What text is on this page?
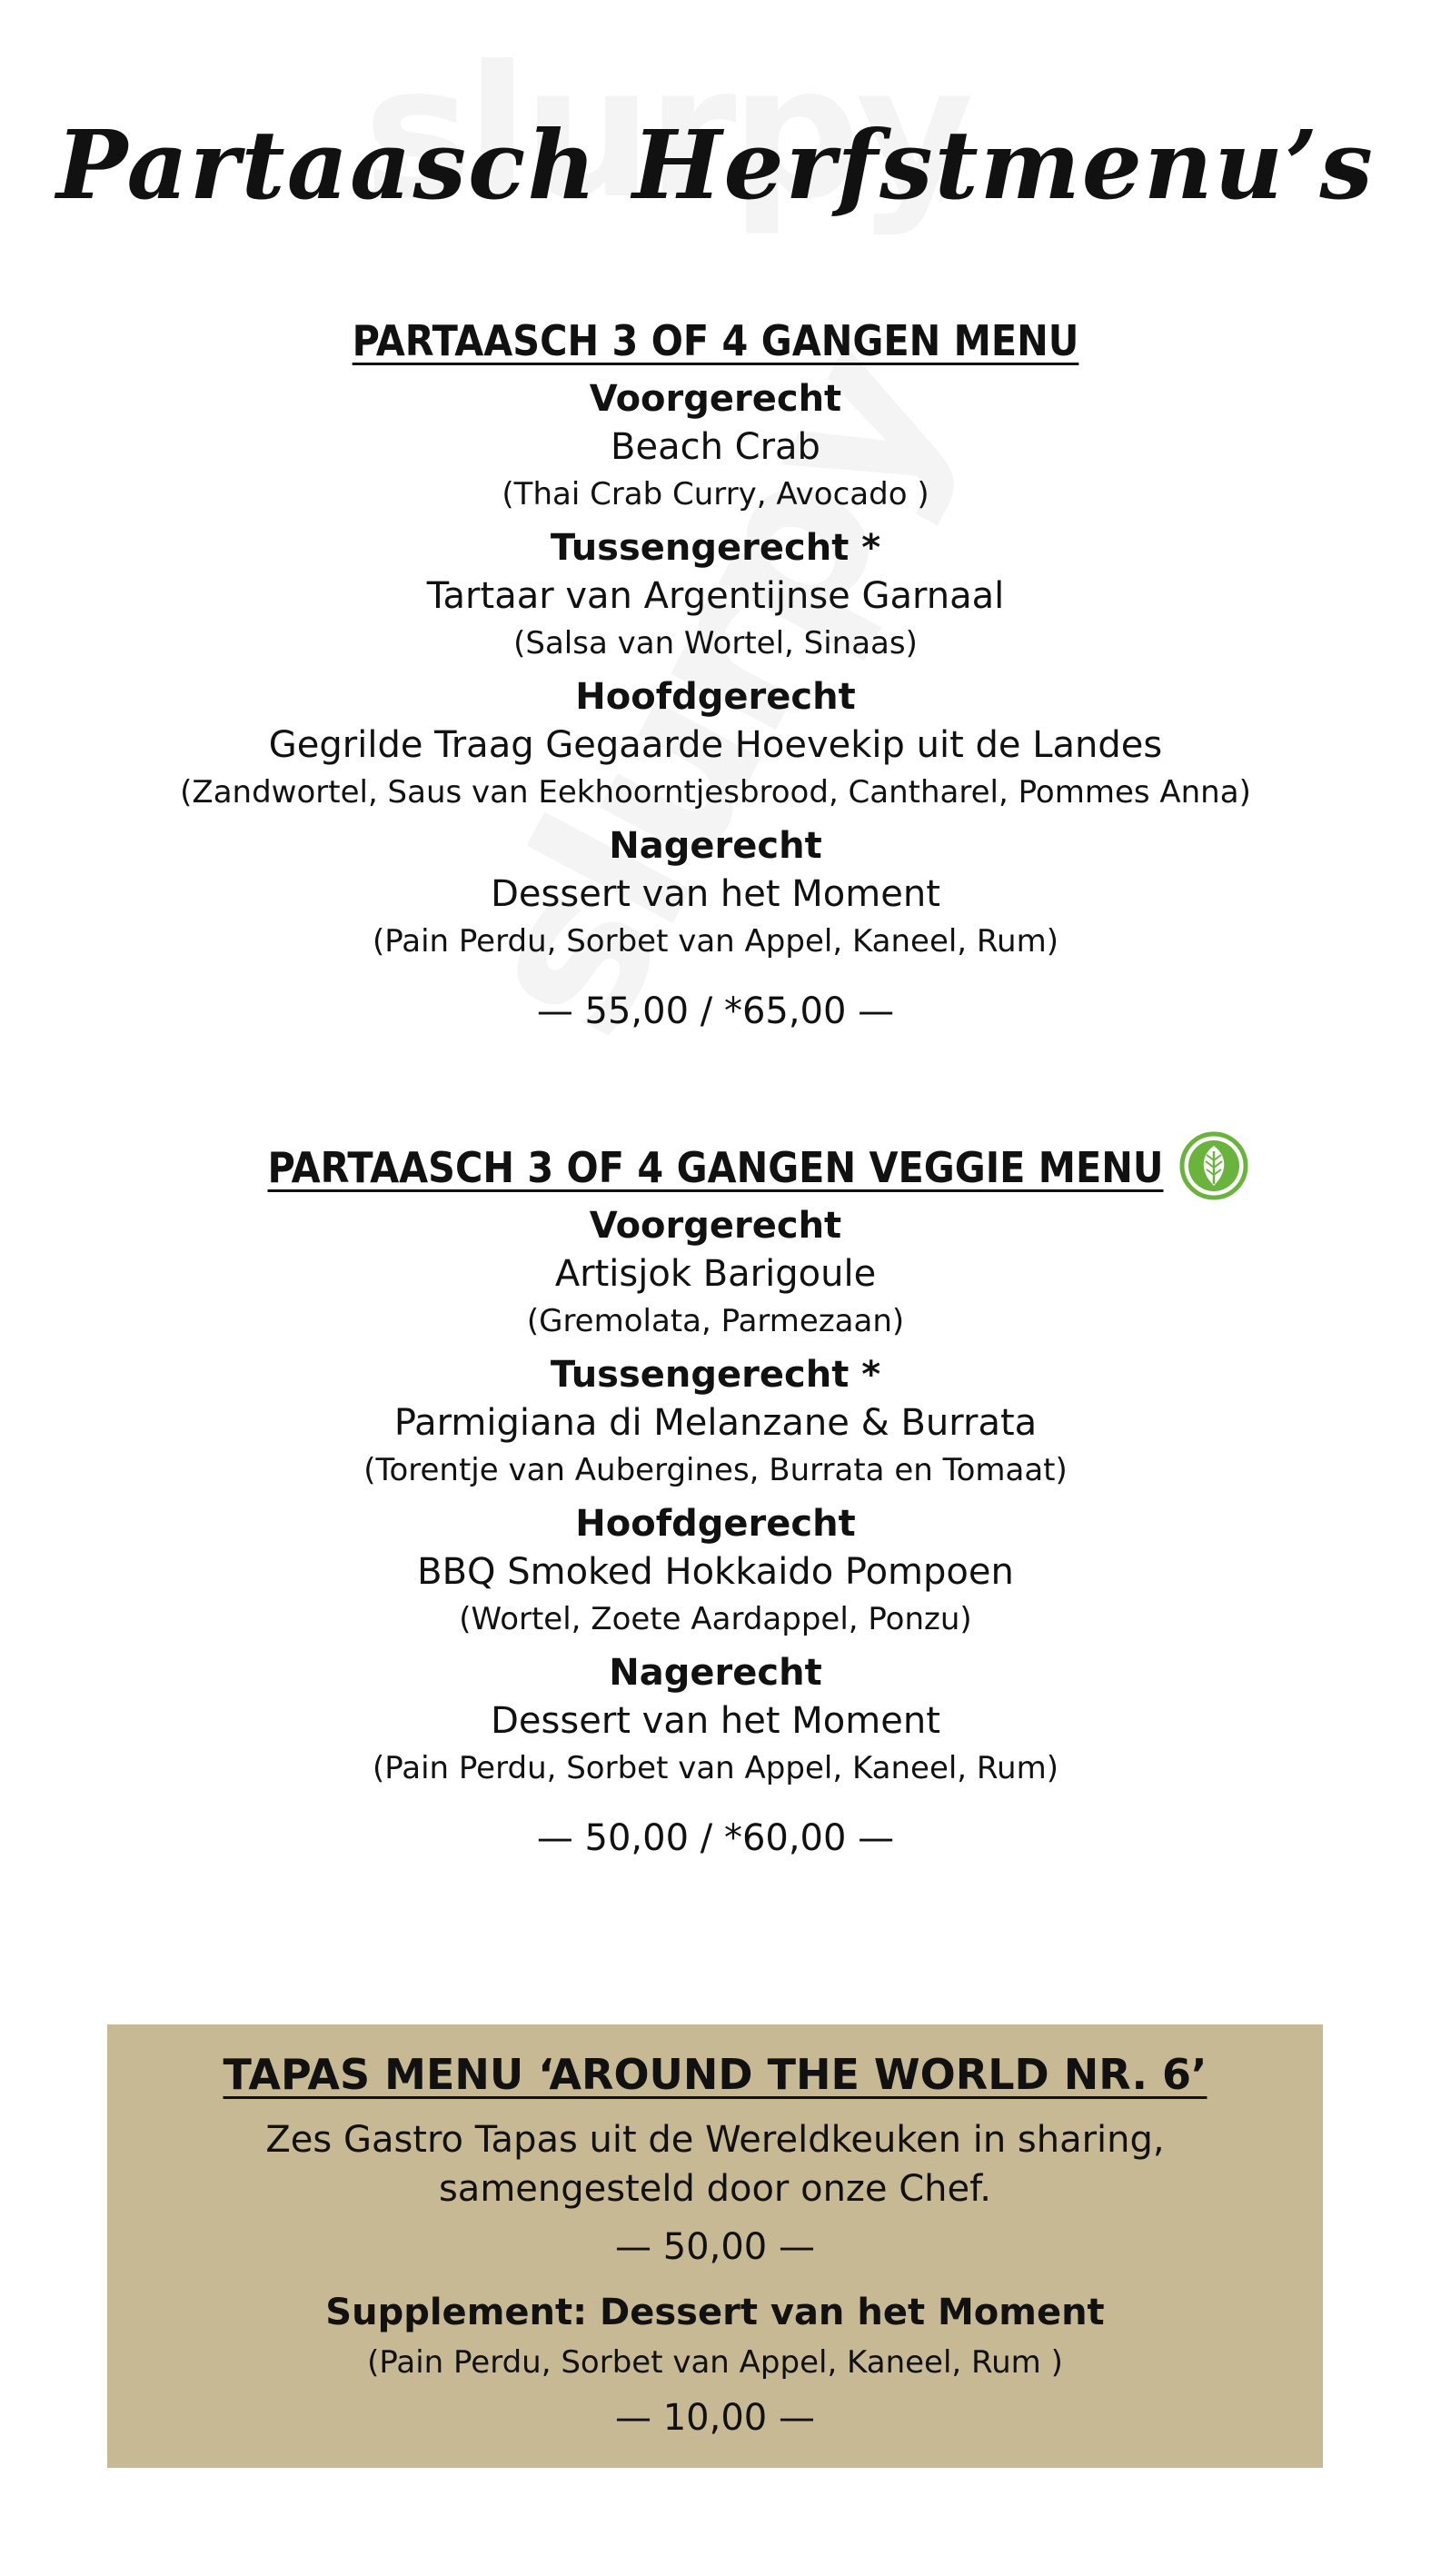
Partaasch Herfstmenu’s
PARTAASCH 3 OF 4 GANGEN MENU
Voorgerecht
Beach Crab
(Thai Crab Curry, Avocado )
Tussengerecht *
Tartaar van Argentijnse Garnaal
(Salsa van Wortel, Sinaas)
Hoofdgerecht
Gegrilde Traag Gegaarde Hoevekip uit de Landes
(Zandwortel, Saus van Eekhoorntjesbrood, Cantharel, Pommes Anna)
Nagerecht
Dessert van het Moment
(Pain Perdu, Sorbet van Appel, Kaneel, Rum)
— 55,00 / *65,00 —
PARTAASCH 3 OF 4 GANGEN VEGGIE MENU
Voorgerecht
Artisjok Barigoule
(Gremolata, Parmezaan)
Tussengerecht *
Parmigiana di Melanzane & Burrata
(Torentje van Aubergines, Burrata en Tomaat)
Hoofdgerecht
BBQ Smoked Hokkaido Pompoen
(Wortel, Zoete Aardappel, Ponzu)
Nagerecht
Dessert van het Moment
(Pain Perdu, Sorbet van Appel, Kaneel, Rum)
— 50,00 / *60,00 —
TAPAS MENU ‘AROUND THE WORLD NR. 6’
Zes Gastro Tapas uit de Wereldkeuken in sharing,
samengesteld door onze Chef.
— 50,00 —
Supplement: Dessert van het Moment
(Pain Perdu, Sorbet van Appel, Kaneel, Rum )
— 10,00 —
